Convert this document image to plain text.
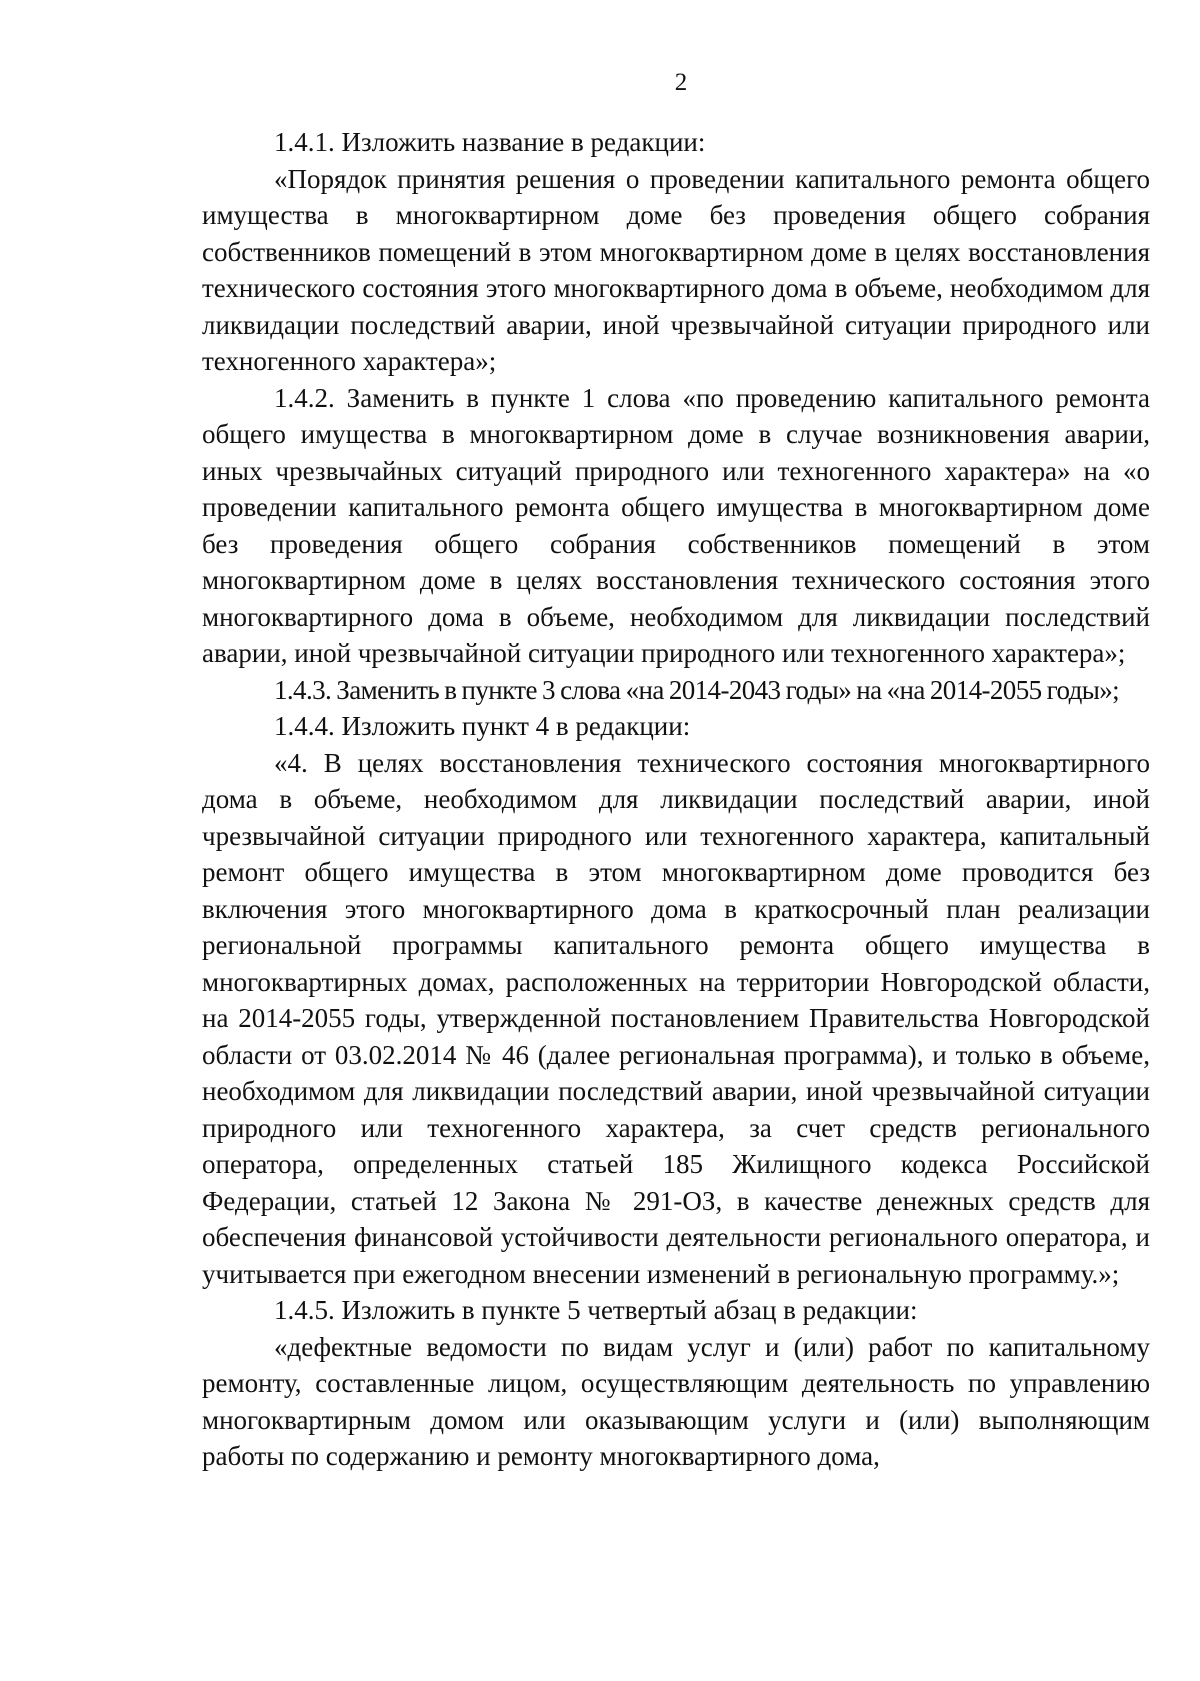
2

1.4.1. Изложить название в редакции:

«Порядок принятия решения о проведении капитального ремонта общего имущества в многоквартирном доме без проведения общего собрания собственников помещений в этом многоквартирном доме в целях восстановления технического состояния этого многоквартирного дома в объеме, необходимом для ликвидации последствий аварии, иной чрезвычайной ситуации природного или техногенного характера»;

1.4.2. Заменить в пункте 1 слова «по проведению капитального ремонта общего имущества в многоквартирном доме в случае возникновения аварии, иных чрезвычайных ситуаций природного или техногенного характера» на «о проведении капитального ремонта общего имущества в многоквартирном доме без проведения общего собрания собственников помещений в этом многоквартирном доме в целях восстановления технического состояния этого многоквартирного дома в объеме, необходимом для ликвидации последствий аварии, иной чрезвычайной ситуации природного или техногенного характера»;

1.4.3. Заменить в пункте 3 слова «на 2014-2043 годы» на «на 2014-2055 годы»;

1.4.4. Изложить пункт 4 в редакции:

«4. В целях восстановления технического состояния многоквартирного дома в объеме, необходимом для ликвидации последствий аварии, иной чрезвычайной ситуации природного или техногенного характера, капитальный ремонт общего имущества в этом многоквартирном доме проводится без включения этого многоквартирного дома в краткосрочный план реализации региональной программы капитального ремонта общего имущества в многоквартирных домах, расположенных на территории Новгородской области, на 2014-2055 годы, утвержденной постановлением Правительства Новгородской области от 03.02.2014 № 46 (далее региональная программа), и только в объеме, необходимом для ликвидации последствий аварии, иной чрезвычайной ситуации природного или техногенного характера, за счет средств регионального оператора, определенных статьей 185 Жилищного кодекса Российской Федерации, статьей 12 Закона № 291-ОЗ, в качестве денежных средств для обеспечения финансовой устойчивости деятельности регионального оператора, и учитывается при ежегодном внесении изменений в региональную программу.»;

1.4.5. Изложить в пункте 5 четвертый абзац в редакции:

«дефектные ведомости по видам услуг и (или) работ по капитальному ремонту, составленные лицом, осуществляющим деятельность по управлению многоквартирным домом или оказывающим услуги и (или) выполняющим работы по содержанию и ремонту многоквартирного дома,
